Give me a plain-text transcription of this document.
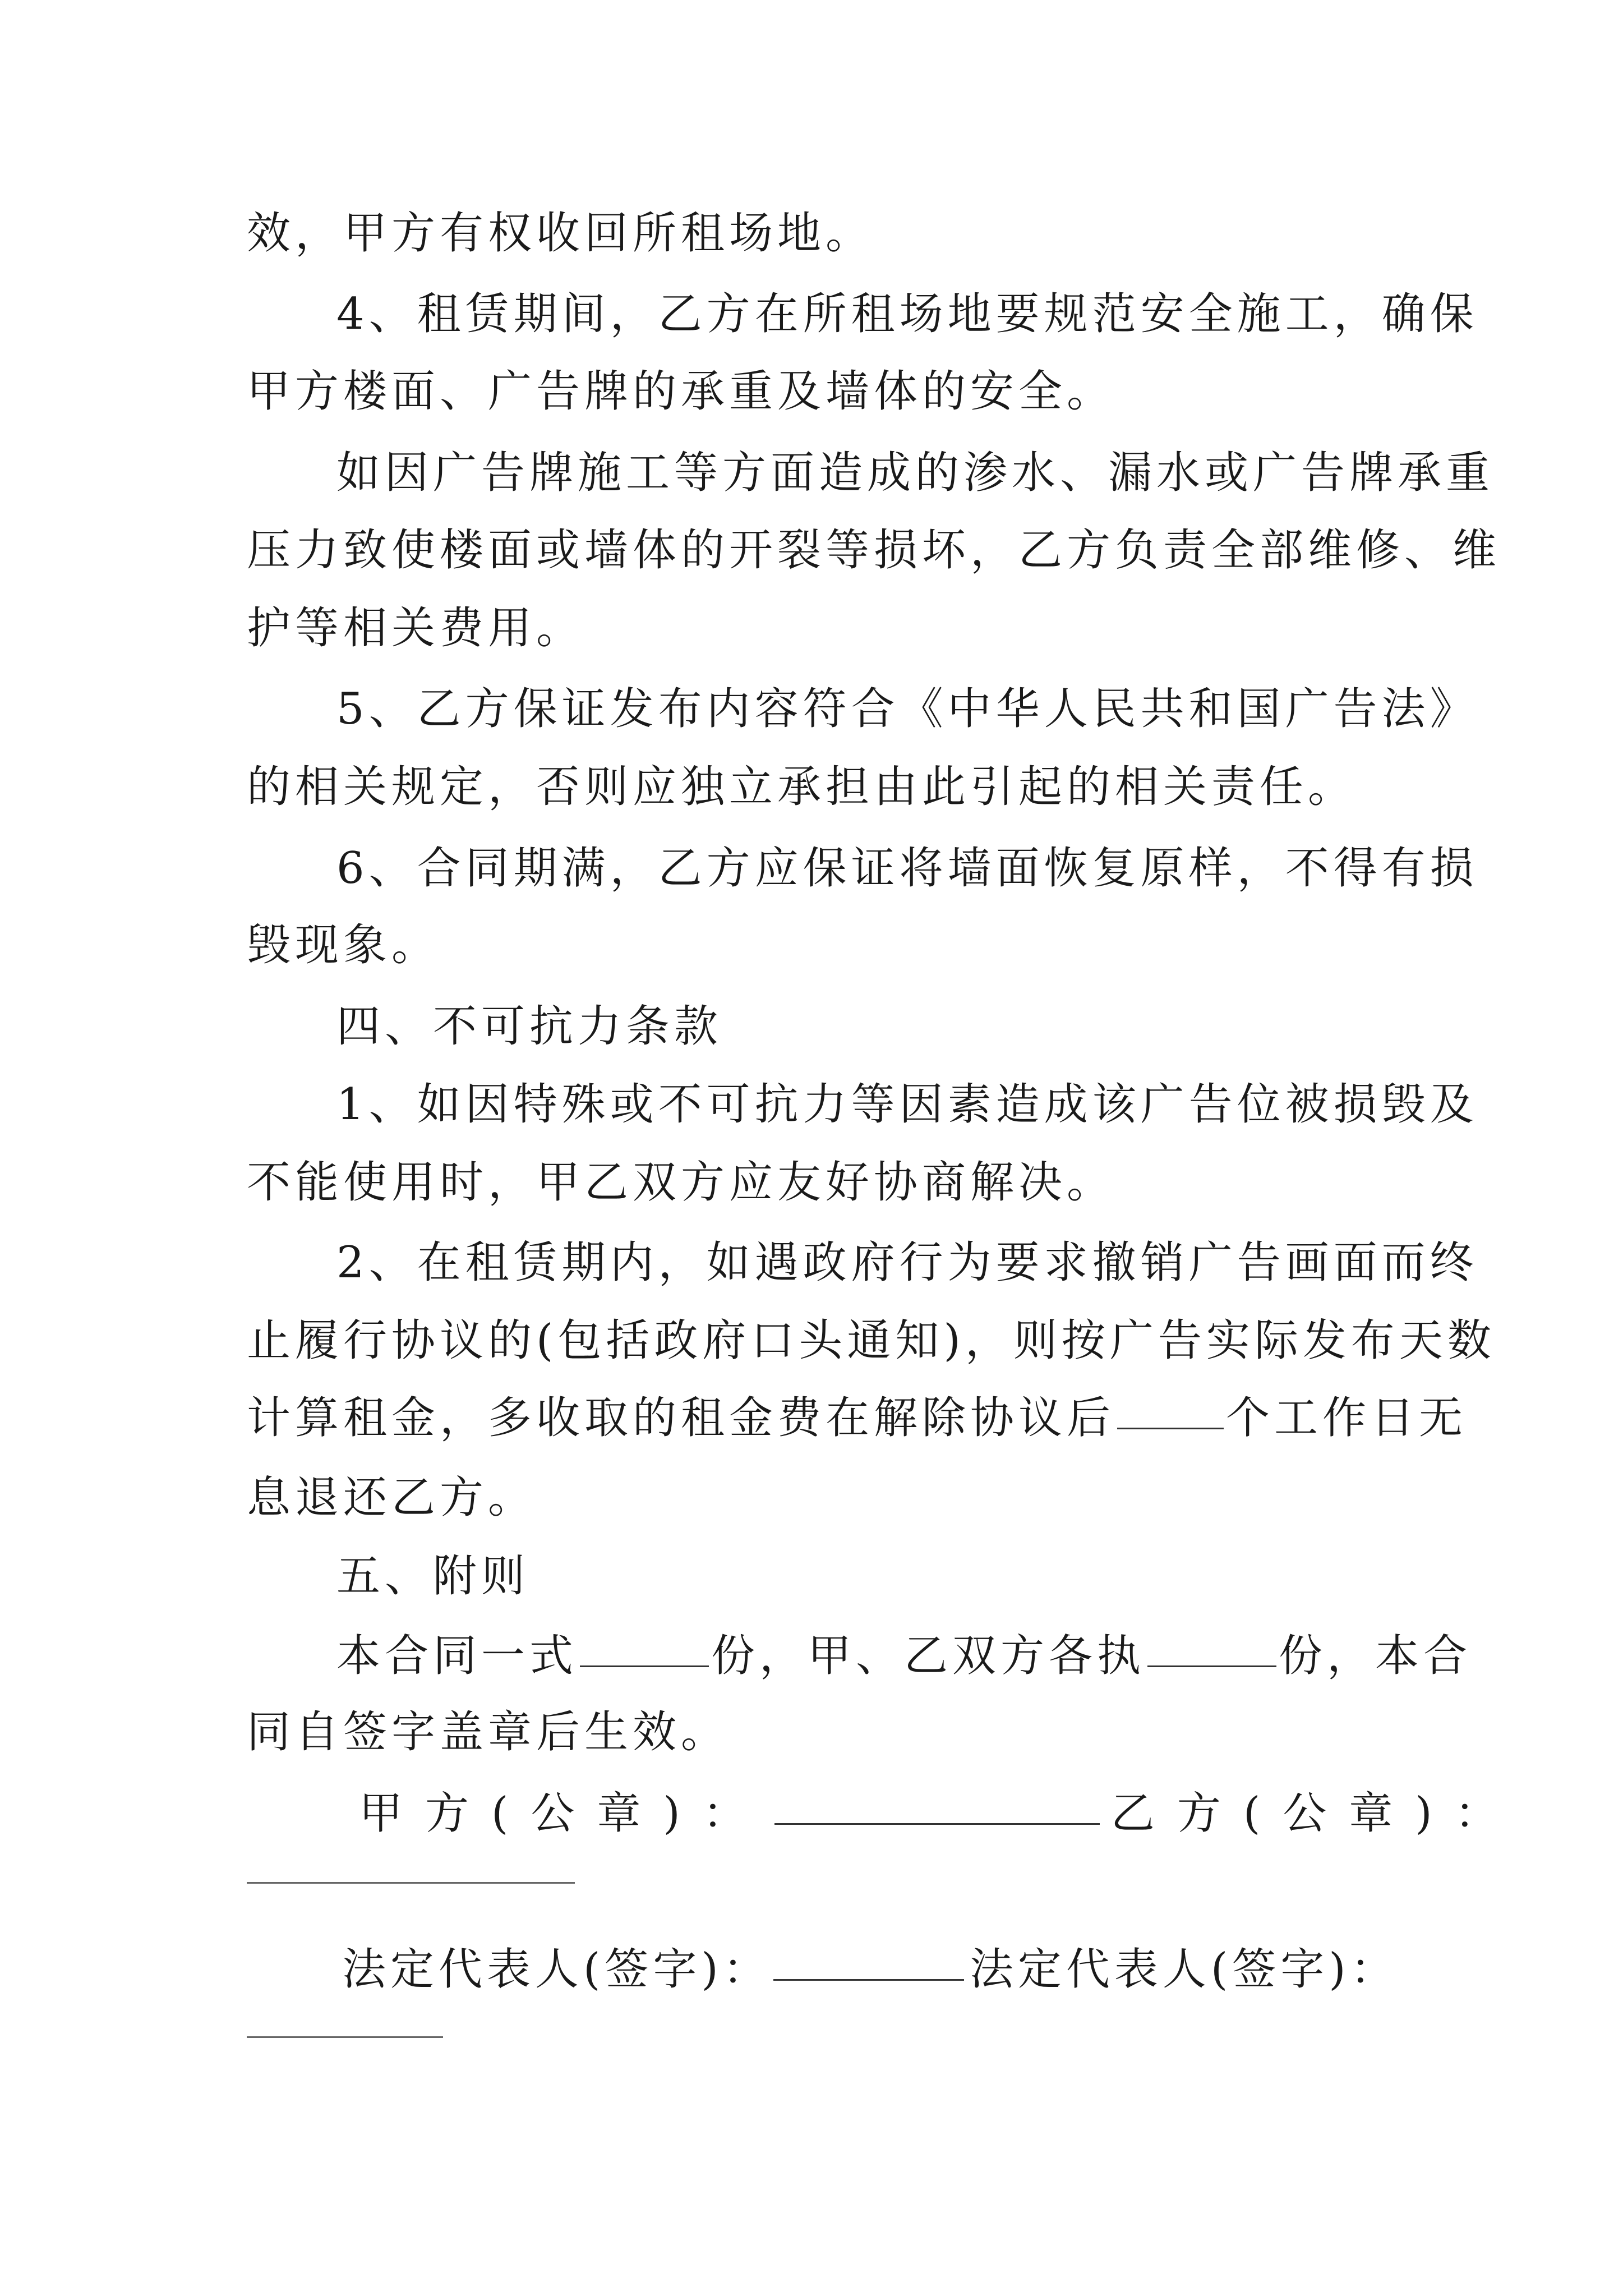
效，甲方有权收回所租场地。
4、租赁期间，乙方在所租场地要规范安全施工，确保
甲方楼面、广告牌的承重及墙体的安全。
如因广告牌施工等方面造成的渗水、漏水或广告牌承重
压力致使楼面或墙体的开裂等损坏，乙方负责全部维修、维
护等相关费用。
5、乙方保证发布内容符合《中华人民共和国广告法》
的相关规定，否则应独立承担由此引起的相关责任。
6、合同期满，乙方应保证将墙面恢复原样，不得有损
毁现象。
四、不可抗力条款
1、如因特殊或不可抗力等因素造成该广告位被损毁及
不能使用时，甲乙双方应友好协商解决。
2、在租赁期内，如遇政府行为要求撤销广告画面而终
止履行协议的(包括政府口头通知)，则按广告实际发布天数
计算租金，多收取的租金费在解除协议后	个工作日无
息退还乙方。
五、附则
本合同一式	份，甲、乙双方各执	份，本合
同自签字盖章后生效。
甲方(公章)：	乙方(公章)：
法定代表人(签字)：	法定代表人(签字)：
